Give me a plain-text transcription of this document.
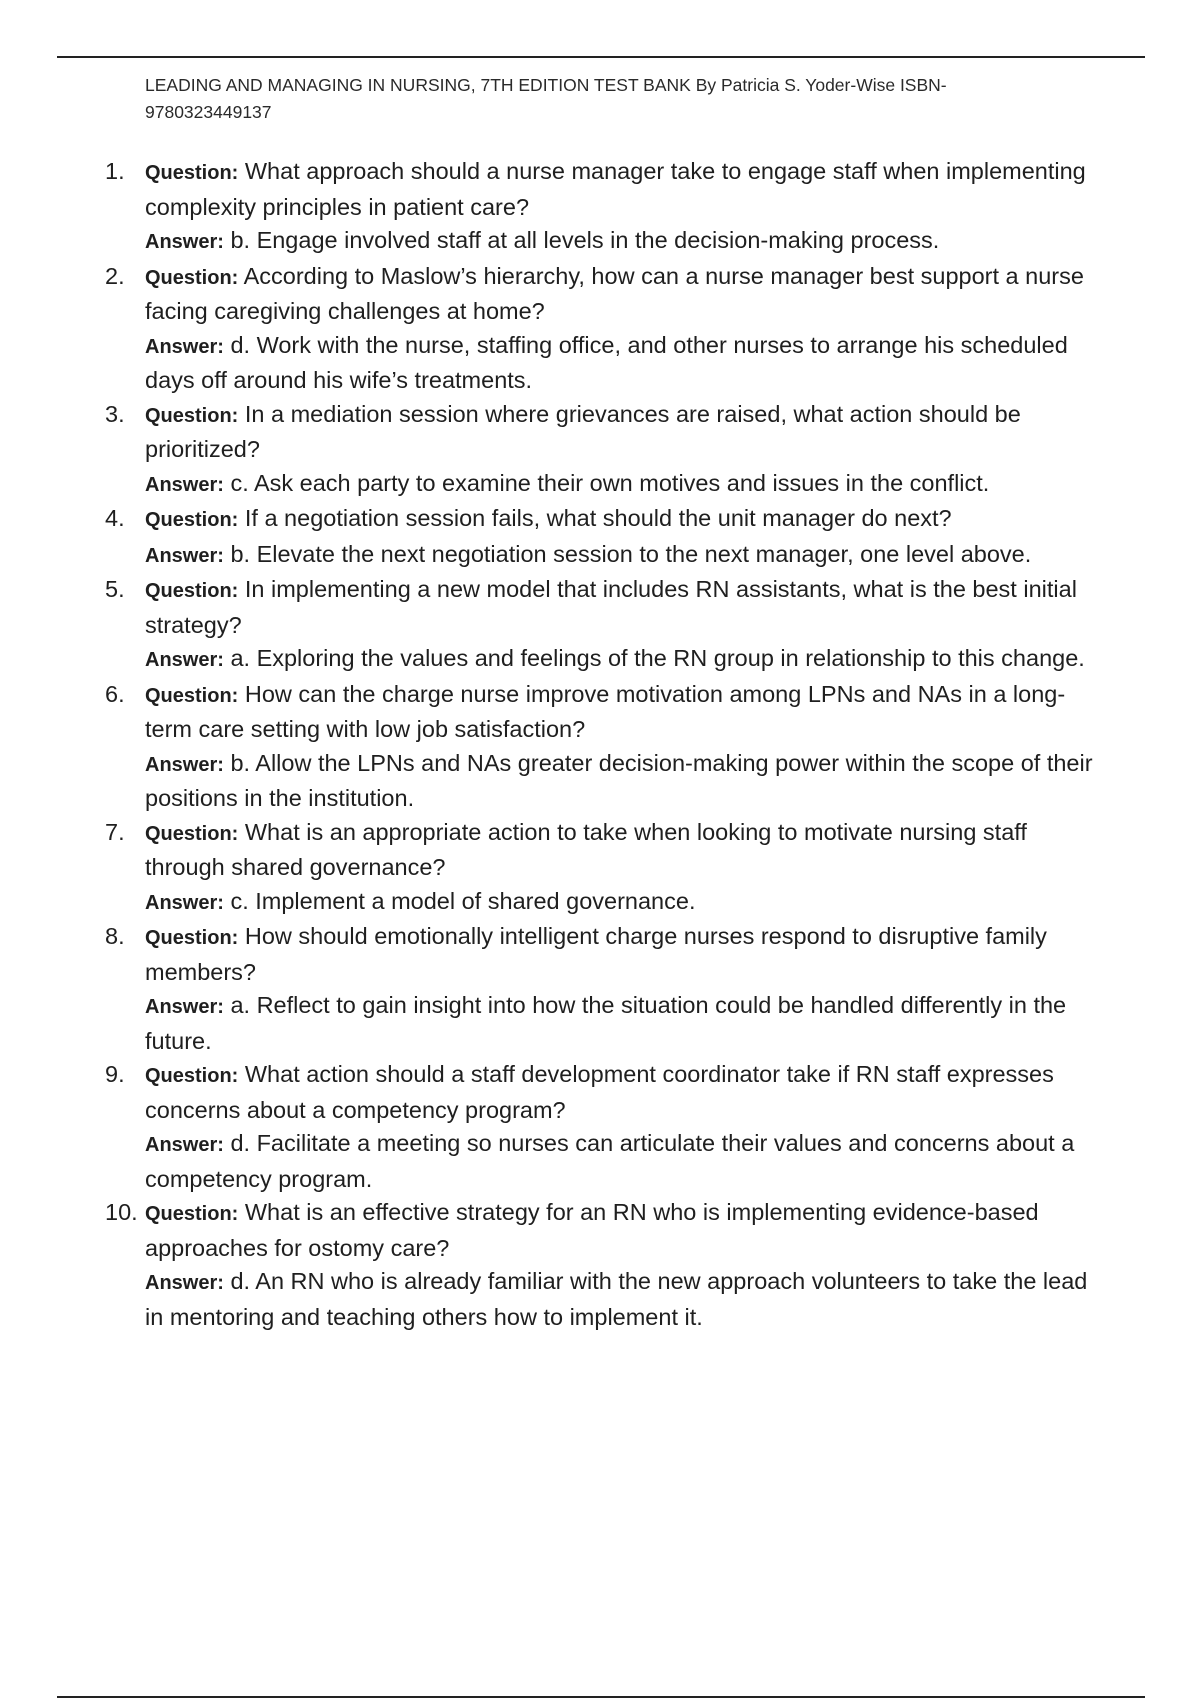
LEADING AND MANAGING IN NURSING, 7TH EDITION TEST BANK By Patricia S. Yoder-Wise ISBN-9780323449137
1.	Question: What approach should a nurse manager take to engage staff when implementing complexity principles in patient care?
Answer: b. Engage involved staff at all levels in the decision-making process.
2.	Question: According to Maslow’s hierarchy, how can a nurse manager best support a nurse facing caregiving challenges at home?
Answer: d. Work with the nurse, staffing office, and other nurses to arrange his scheduled days off around his wife’s treatments.
3.	Question: In a mediation session where grievances are raised, what action should be prioritized?
Answer: c. Ask each party to examine their own motives and issues in the conflict.
4.	Question: If a negotiation session fails, what should the unit manager do next?
Answer: b. Elevate the next negotiation session to the next manager, one level above.
5.	Question: In implementing a new model that includes RN assistants, what is the best initial strategy?
Answer: a. Exploring the values and feelings of the RN group in relationship to this change.
6.	Question: How can the charge nurse improve motivation among LPNs and NAs in a long-term care setting with low job satisfaction?
Answer: b. Allow the LPNs and NAs greater decision-making power within the scope of their positions in the institution.
7.	Question: What is an appropriate action to take when looking to motivate nursing staff through shared governance?
Answer: c. Implement a model of shared governance.
8.	Question: How should emotionally intelligent charge nurses respond to disruptive family members?
Answer: a. Reflect to gain insight into how the situation could be handled differently in the future.
9.	Question: What action should a staff development coordinator take if RN staff expresses concerns about a competency program?
Answer: d. Facilitate a meeting so nurses can articulate their values and concerns about a competency program.
10. Question: What is an effective strategy for an RN who is implementing evidence-based approaches for ostomy care?
Answer: d. An RN who is already familiar with the new approach volunteers to take the lead in mentoring and teaching others how to implement it.
